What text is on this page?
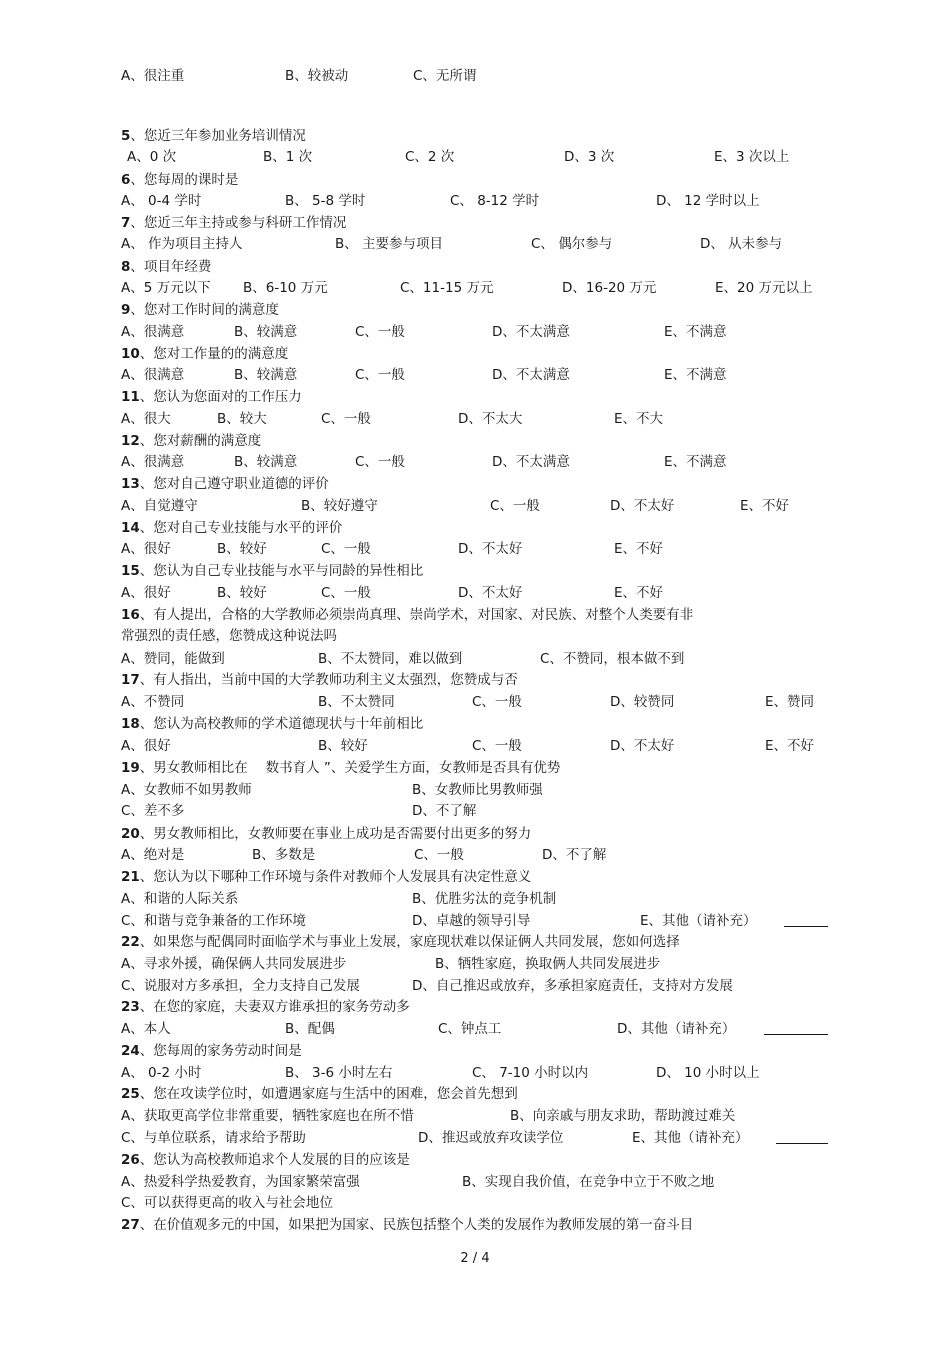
A、很注重	B、较被动	C、无所谓
5、您近三年参加业务培训情况
A、0 次	B、1 次	C、2 次	D、3 次	E、3 次以上
6、您每周的课时是
A、 0-4 学时	B、 5-8 学时	C、 8-12 学时	D、 12 学时以上
7、您近三年主持或参与科研工作情况
A、 作为项目主持人	B、 主要参与项目	C、 偶尔参与	D、 从未参与
8、项目年经费
A、5 万元以下 B、6-10 万元	C、11-15 万元	D、16-20 万元	E、20 万元以上
9、您对工作时间的满意度
A、很满意	B、较满意	C、一般	D、不太满意	E、不满意
10、您对工作量的的满意度
A、很满意	B、较满意	C、一般	D、不太满意	E、不满意
11、您认为您面对的工作压力
A、很大	B、较大	C、一般	D、不太大	E、不大
12、您对薪酬的满意度
A、很满意	B、较满意	C、一般	D、不太满意	E、不满意
13、您对自己遵守职业道德的评价
A、自觉遵守	B、较好遵守	C、一般	D、不太好	E、不好
14、您对自己专业技能与水平的评价
A、很好	B、较好	C、一般	D、不太好	E、不好
15、您认为自己专业技能与水平与同龄的异性相比
A、很好	B、较好	C、一般	D、不太好	E、不好
16、有人提出，合格的大学教师必须崇尚真理、崇尚学术，对国家、对民族、对整个人类要有非
常强烈的责任感，您赞成这种说法吗
A、赞同，能做到	B、不太赞同，难以做到	C、不赞同，根本做不到
17、有人指出，当前中国的大学教师功利主义太强烈，您赞成与否
A、不赞同	B、不太赞同	C、一般	D、较赞同	E、赞同
18、您认为高校教师的学术道德现状与十年前相比
A、很好	B、较好	C、一般	D、不太好	E、不好
19、男女教师相比在　 数书育人 ”、关爱学生方面，女教师是否具有优势
A、女教师不如男教师	B、女教师比男教师强
C、差不多	D、不了解
20、男女教师相比，女教师要在事业上成功是否需要付出更多的努力
A、绝对是	B、多数是	C、一般	D、不了解
21、您认为以下哪种工作环境与条件对教师个人发展具有决定性意义
A、和谐的人际关系	B、优胜劣汰的竞争机制
C、和谐与竞争兼备的工作环境	D、卓越的领导引导	E、其他（请补充）
22、如果您与配偶同时面临学术与事业上发展，家庭现状难以保证俩人共同发展，您如何选择
A、寻求外援，确保俩人共同发展进步	B、牺牲家庭，换取俩人共同发展进步
C、说服对方多承担，全力支持自己发展	D、自己推迟或放弃，多承担家庭责任，支持对方发展
23、在您的家庭，夫妻双方谁承担的家务劳动多
A、本人	B、配偶	C、钟点工	D、其他（请补充）
24、您每周的家务劳动时间是
A、 0-2 小时	B、 3-6 小时左右	C、 7-10 小时以内	D、 10 小时以上
25、您在攻读学位时，如遭遇家庭与生活中的困难，您会首先想到
A、获取更高学位非常重要，牺牲家庭也在所不惜	B、向亲戚与朋友求助，帮助渡过难关
C、与单位联系，请求给予帮助	D、推迟或放弃攻读学位	E、其他（请补充）
26、您认为高校教师追求个人发展的目的应该是
A、热爱科学热爱教育，为国家繁荣富强	B、实现自我价值，在竞争中立于不败之地
C、可以获得更高的收入与社会地位
27、在价值观多元的中国，如果把为国家、民族包括整个人类的发展作为教师发展的第一奋斗目
2 / 4
